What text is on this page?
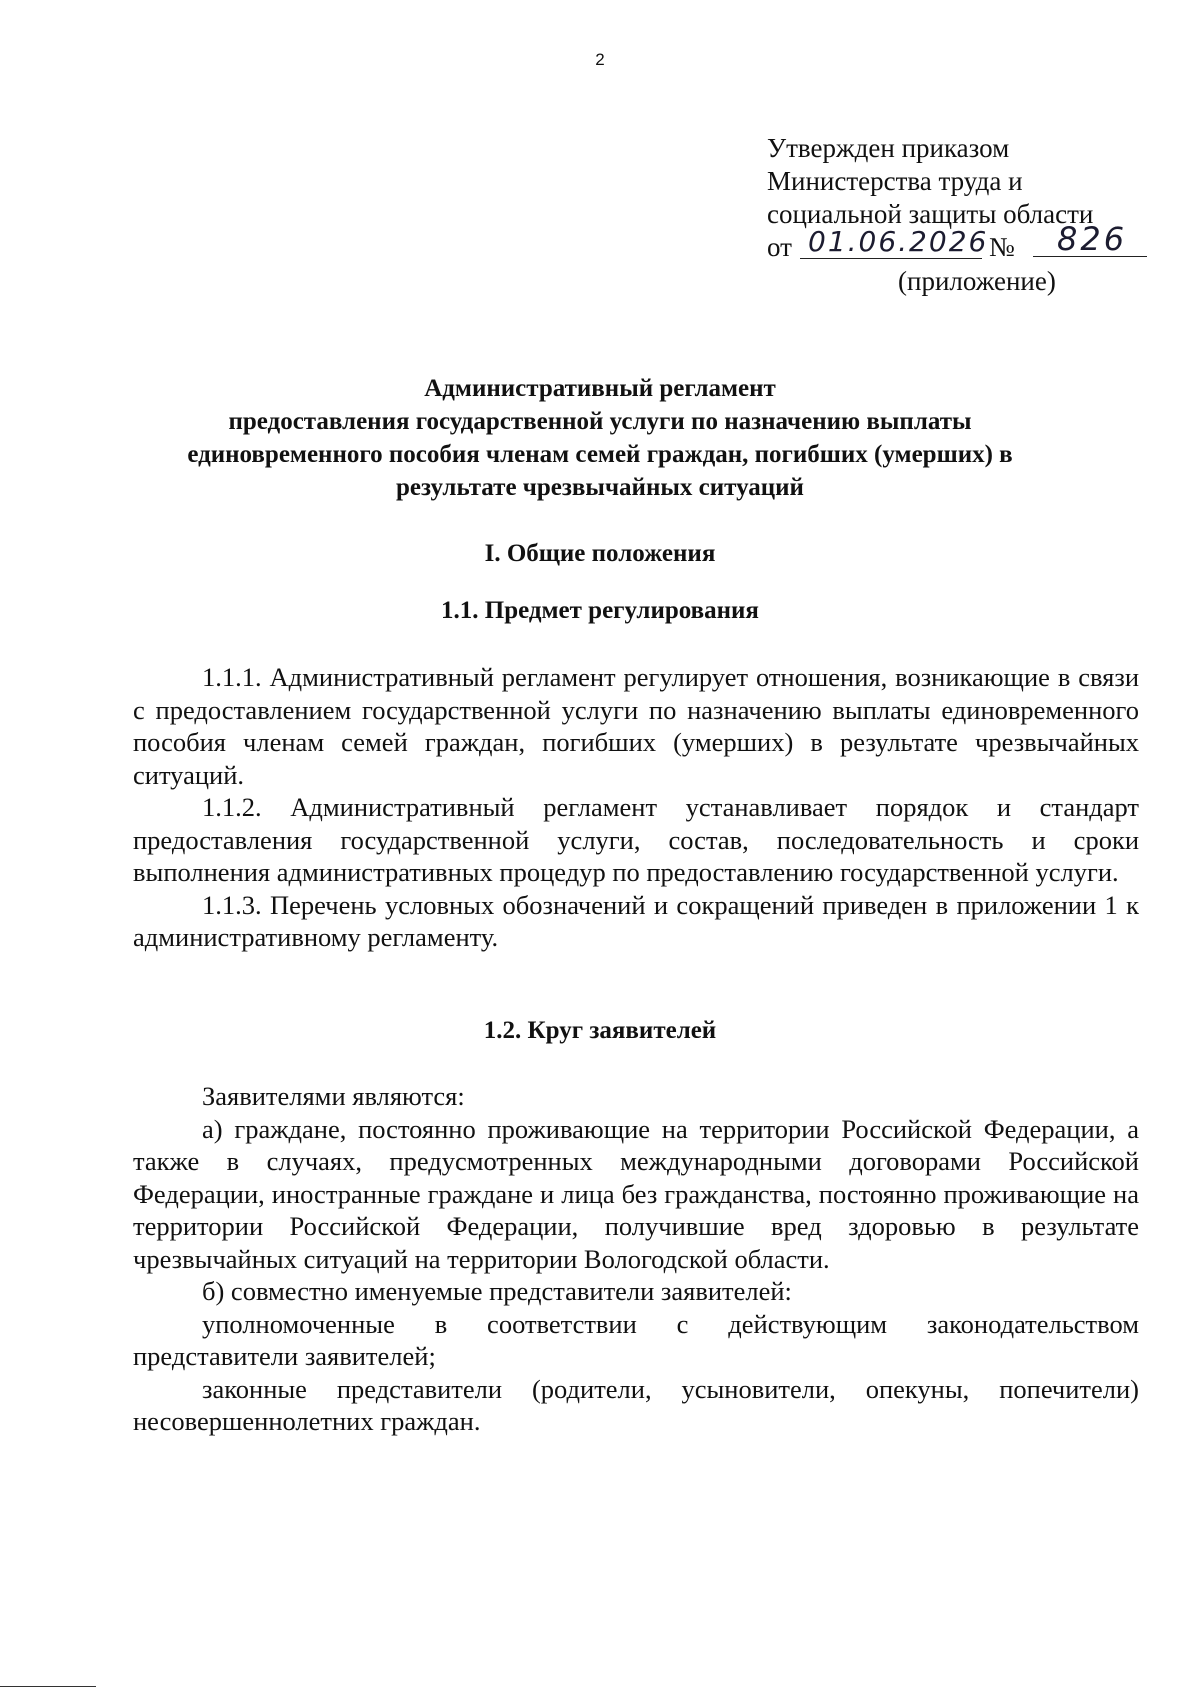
2
Утвержден приказом
Министерства труда и
социальной защиты области
от 01.06.2026 №	826
(приложение)
Административный регламент
предоставления государственной услуги по назначению выплаты
единовременного пособия членам семей граждан, погибших (умерших) в
результате чрезвычайных ситуаций
I. Общие положения
1.1. Предмет регулирования

1.1.1. Административный регламент регулирует отношения, возникающие в связи с предоставлением государственной услуги по назначению выплаты единовременного пособия членам семей граждан, погибших (умерших) в результате чрезвычайных ситуаций.

1.1.2. Административный регламент устанавливает порядок и стандарт предоставления государственной услуги, состав, последовательность и сроки выполнения административных процедур по предоставлению государственной услуги.

1.1.3. Перечень условных обозначений и сокращений приведен в приложении 1 к административному регламенту.

1.2. Круг заявителей

Заявителями являются:

а) граждане, постоянно проживающие на территории Российской Федерации, а также в случаях, предусмотренных международными договорами Российской Федерации, иностранные граждане и лица без гражданства, постоянно проживающие на территории Российской Федерации, получившие вред здоровью в результате чрезвычайных ситуаций на территории Вологодской области.

б) совместно именуемые представители заявителей:

уполномоченные в соответствии с действующим законодательством представители заявителей;

законные представители (родители, усыновители, опекуны, попечители) несовершеннолетних граждан.
